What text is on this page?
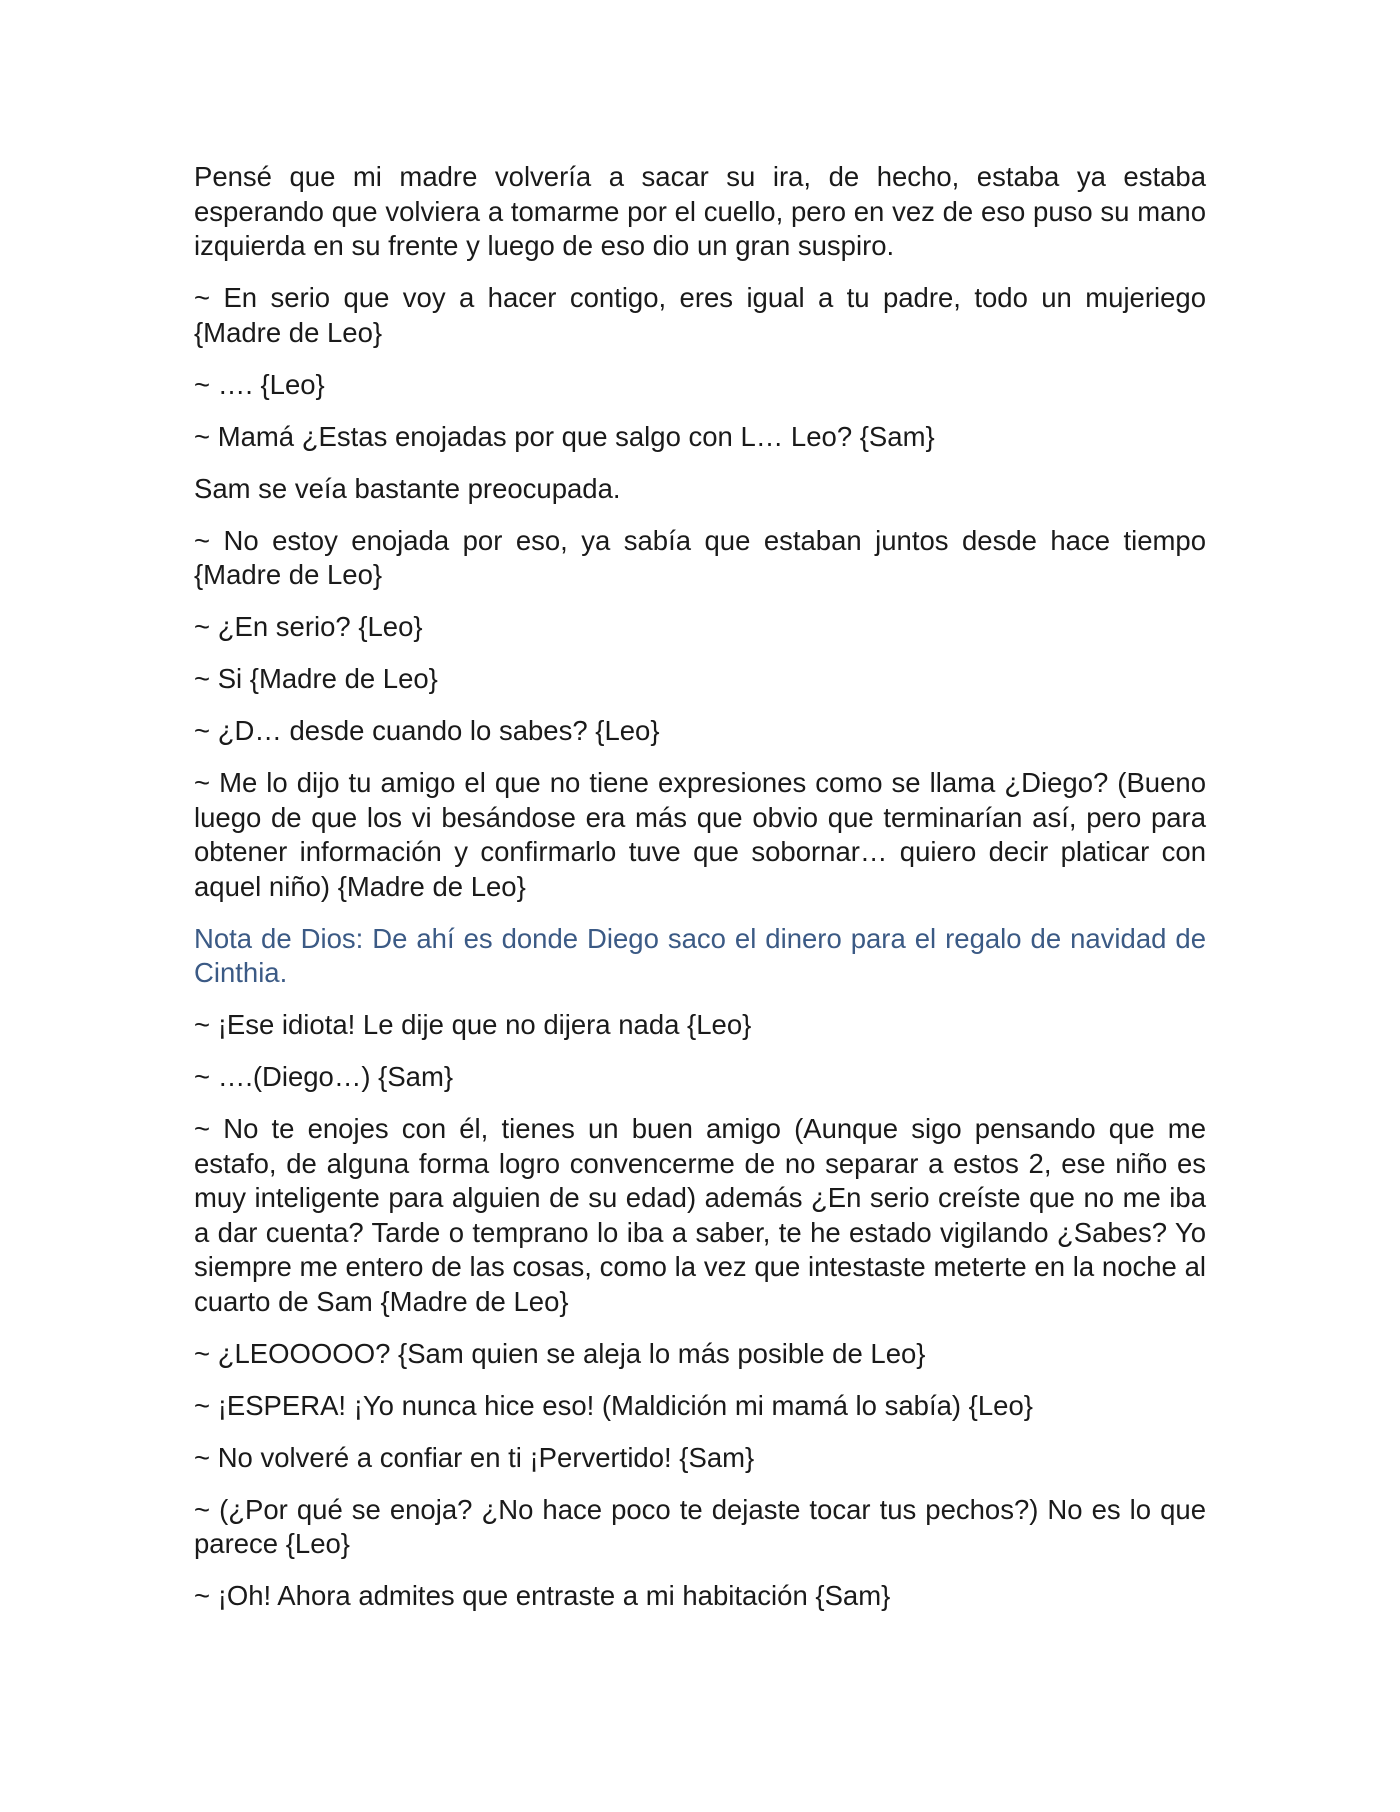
Pensé que mi madre volvería a sacar su ira, de hecho, estaba ya estaba esperando que volviera a tomarme por el cuello, pero en vez de eso puso su mano izquierda en su frente y luego de eso dio un gran suspiro.

~ En serio que voy a hacer contigo, eres igual a tu padre, todo un mujeriego {Madre de Leo}

~ …. {Leo}

~ Mamá ¿Estas enojadas por que salgo con L… Leo? {Sam}

Sam se veía bastante preocupada.

~ No estoy enojada por eso, ya sabía que estaban juntos desde hace tiempo {Madre de Leo}

~ ¿En serio? {Leo}

~ Si {Madre de Leo}

~ ¿D… desde cuando lo sabes? {Leo}

~ Me lo dijo tu amigo el que no tiene expresiones como se llama ¿Diego? (Bueno luego de que los vi besándose era más que obvio que terminarían así, pero para obtener información y confirmarlo tuve que sobornar… quiero decir platicar con aquel niño) {Madre de Leo}

Nota de Dios: De ahí es donde Diego saco el dinero para el regalo de navidad de Cinthia.

~ ¡Ese idiota! Le dije que no dijera nada {Leo}

~ ….(Diego…) {Sam}

~ No te enojes con él, tienes un buen amigo (Aunque sigo pensando que me estafo, de alguna forma logro convencerme de no separar a estos 2, ese niño es muy inteligente para alguien de su edad) además ¿En serio creíste que no me iba a dar cuenta? Tarde o temprano lo iba a saber, te he estado vigilando ¿Sabes? Yo siempre me entero de las cosas, como la vez que intestaste meterte en la noche al cuarto de Sam {Madre de Leo}

~ ¿LEOOOOO? {Sam quien se aleja lo más posible de Leo}

~ ¡ESPERA! ¡Yo nunca hice eso! (Maldición mi mamá lo sabía) {Leo}

~ No volveré a confiar en ti ¡Pervertido! {Sam}

~ (¿Por qué se enoja? ¿No hace poco te dejaste tocar tus pechos?) No es lo que parece {Leo}

~ ¡Oh! Ahora admites que entraste a mi habitación {Sam}
